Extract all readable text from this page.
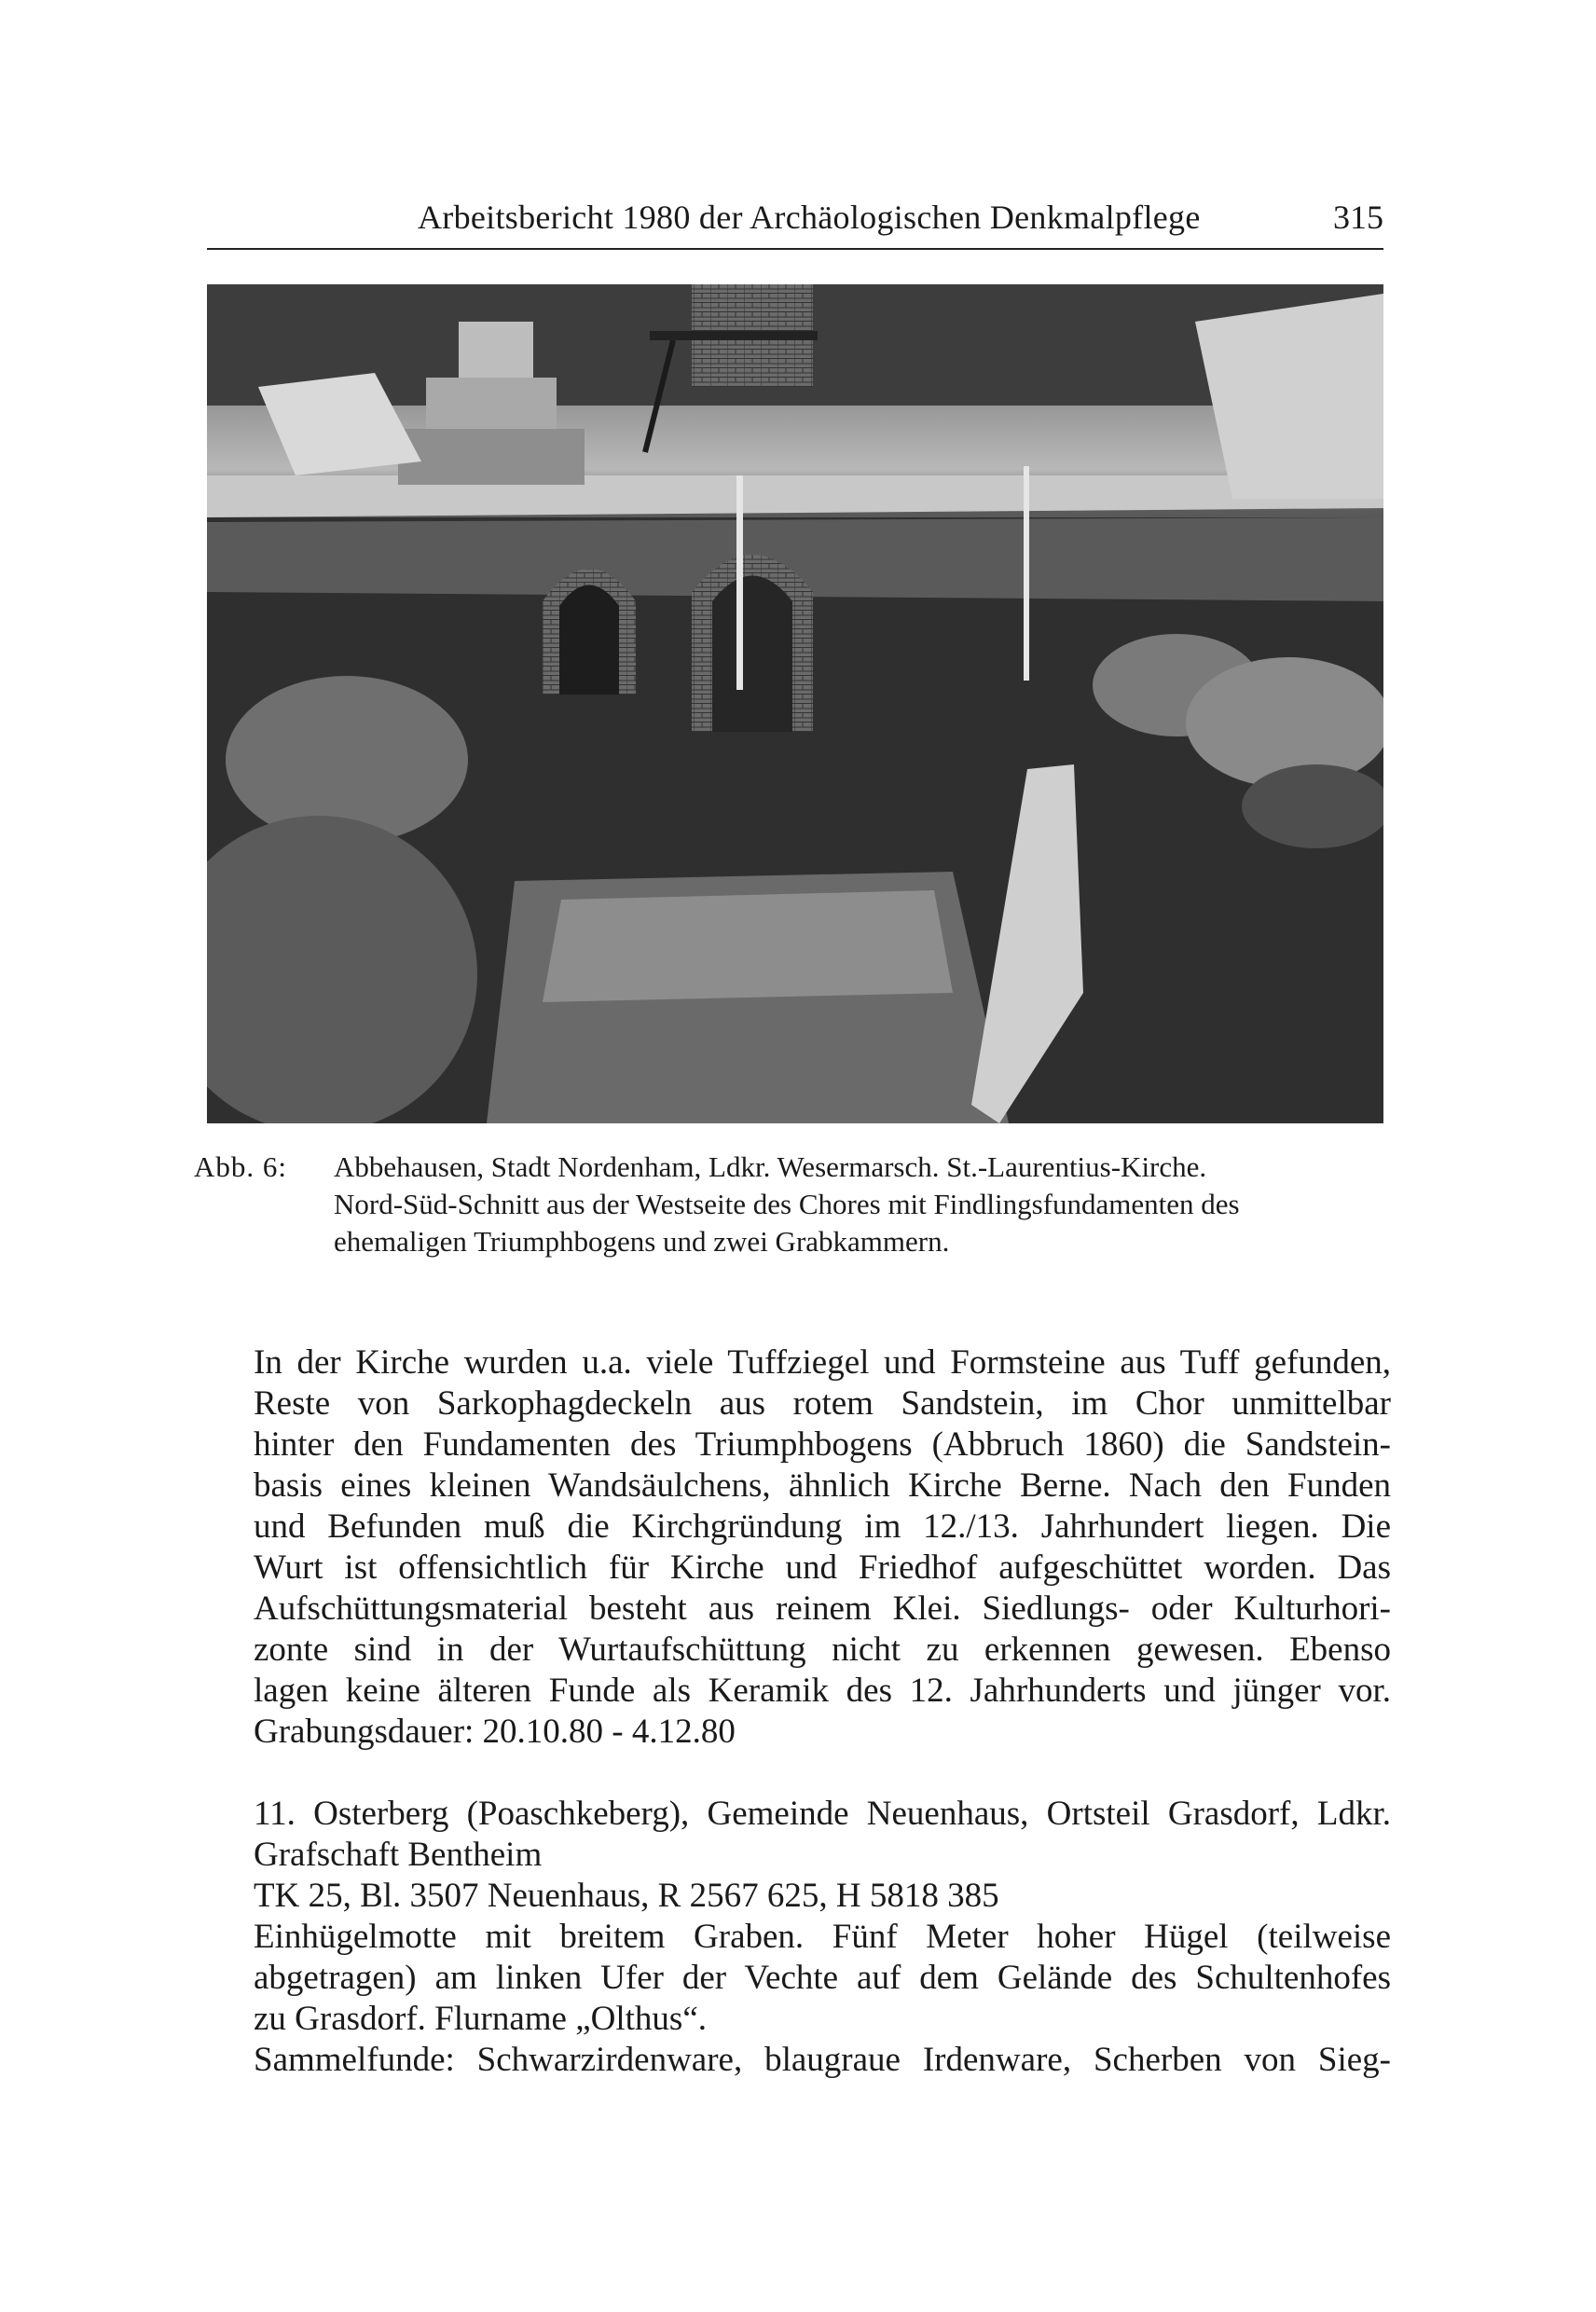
Arbeitsbericht 1980 der Archäologischen Denkmalpflege	315
Abb. 6:	Abbehausen, Stadt Nordenham, Ldkr. Wesermarsch. St.-Laurentius-Kirche.
Nord-Süd-Schnitt aus der Westseite des Chores mit Findlingsfundamenten des
ehemaligen Triumphbogens und zwei Grabkammern.
In der Kirche wurden u.a. viele Tuffziegel und Formsteine aus Tuff gefunden,
Reste von Sarkophagdeckeln aus rotem Sandstein, im Chor unmittelbar
hinter den Fundamenten des Triumphbogens (Abbruch 1860) die Sandstein-
basis eines kleinen Wandsäulchens, ähnlich Kirche Berne. Nach den Funden
und Befunden muß die Kirchgründung im 12./13. Jahrhundert liegen. Die
Wurt ist offensichtlich für Kirche und Friedhof aufgeschüttet worden. Das
Aufschüttungsmaterial besteht aus reinem Klei. Siedlungs- oder Kulturhori-
zonte sind in der Wurtaufschüttung nicht zu erkennen gewesen. Ebenso
lagen keine älteren Funde als Keramik des 12. Jahrhunderts und jünger vor.
Grabungsdauer: 20.10.80 - 4.12.80
11. Osterberg (Poaschkeberg), Gemeinde Neuenhaus, Ortsteil Grasdorf, Ldkr.
Grafschaft Bentheim
TK 25, Bl. 3507 Neuenhaus, R 2567 625, H 5818 385
Einhügelmotte mit breitem Graben. Fünf Meter hoher Hügel (teilweise
abgetragen) am linken Ufer der Vechte auf dem Gelände des Schultenhofes
zu Grasdorf. Flurname „Olthus“.
Sammelfunde: Schwarzirdenware, blaugraue Irdenware, Scherben von Sieg-
